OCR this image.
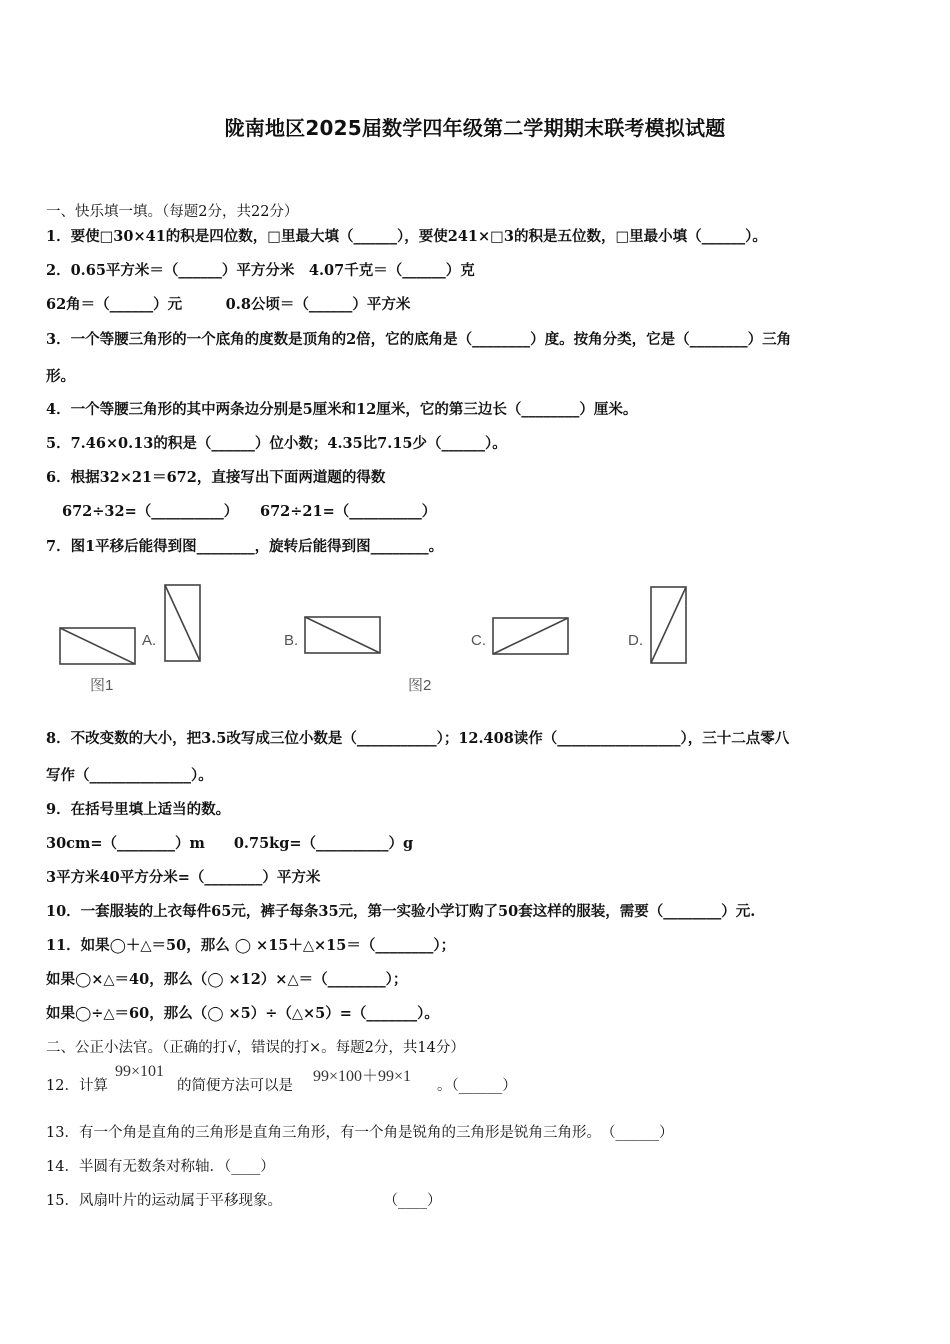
陇南地区2025届数学四年级第二学期期末联考模拟试题
一、快乐填一填。（每题2分，共22分）
1．要使□30×41的积是四位数，□里最大填（______），要使241×□3的积是五位数，□里最小填（______）。
2．0.65平方米＝（______）平方分米　4.07千克＝（______）克
62角＝（______）元　　　0.8公顷＝（______）平方米
3．一个等腰三角形的一个底角的度数是顶角的2倍，它的底角是（________）度。按角分类，它是（________）三角
形。
4．一个等腰三角形的其中两条边分别是5厘米和12厘米，它的第三边长（________）厘米。
5．7.46×0.13的积是（______）位小数；4.35比7.15少（______）。
6．根据32×21＝672，直接写出下面两道题的得数
672÷32=（__________）　　672÷21=（__________）
7．图1平移后能得到图________，旋转后能得到图________。
A.	B.	C.	D.
图1	图2
8．不改变数的大小，把3.5改写成三位小数是（___________）；12.408读作（_________________），三十二点零八
写作（______________）。
9．在括号里填上适当的数。
30cm=（________）m　　0.75kg=（__________）g
3平方米40平方分米=（________）平方米
10．一套服装的上衣每件65元，裤子每条35元，第一实验小学订购了50套这样的服装，需要（________）元.
11．如果◯＋△＝50，那么 ◯ ×15＋△×15＝（________）；
如果◯×△＝40，那么（◯ ×12）×△＝（________）；
如果◯÷△＝60，那么（◯ ×5）÷（△×5）=（_______）。
二、公正小法官。（正确的打√，错误的打×。每题2分，共14分）
12．计算
99×101
的简便方法可以是
99×100＋99×1
。（______）
13．有一个角是直角的三角形是直角三角形，有一个角是锐角的三角形是锐角三角形。　（______）
14．半圆有无数条对称轴．（____）
15．风扇叶片的运动属于平移现象。　　　　　　　　（____）
